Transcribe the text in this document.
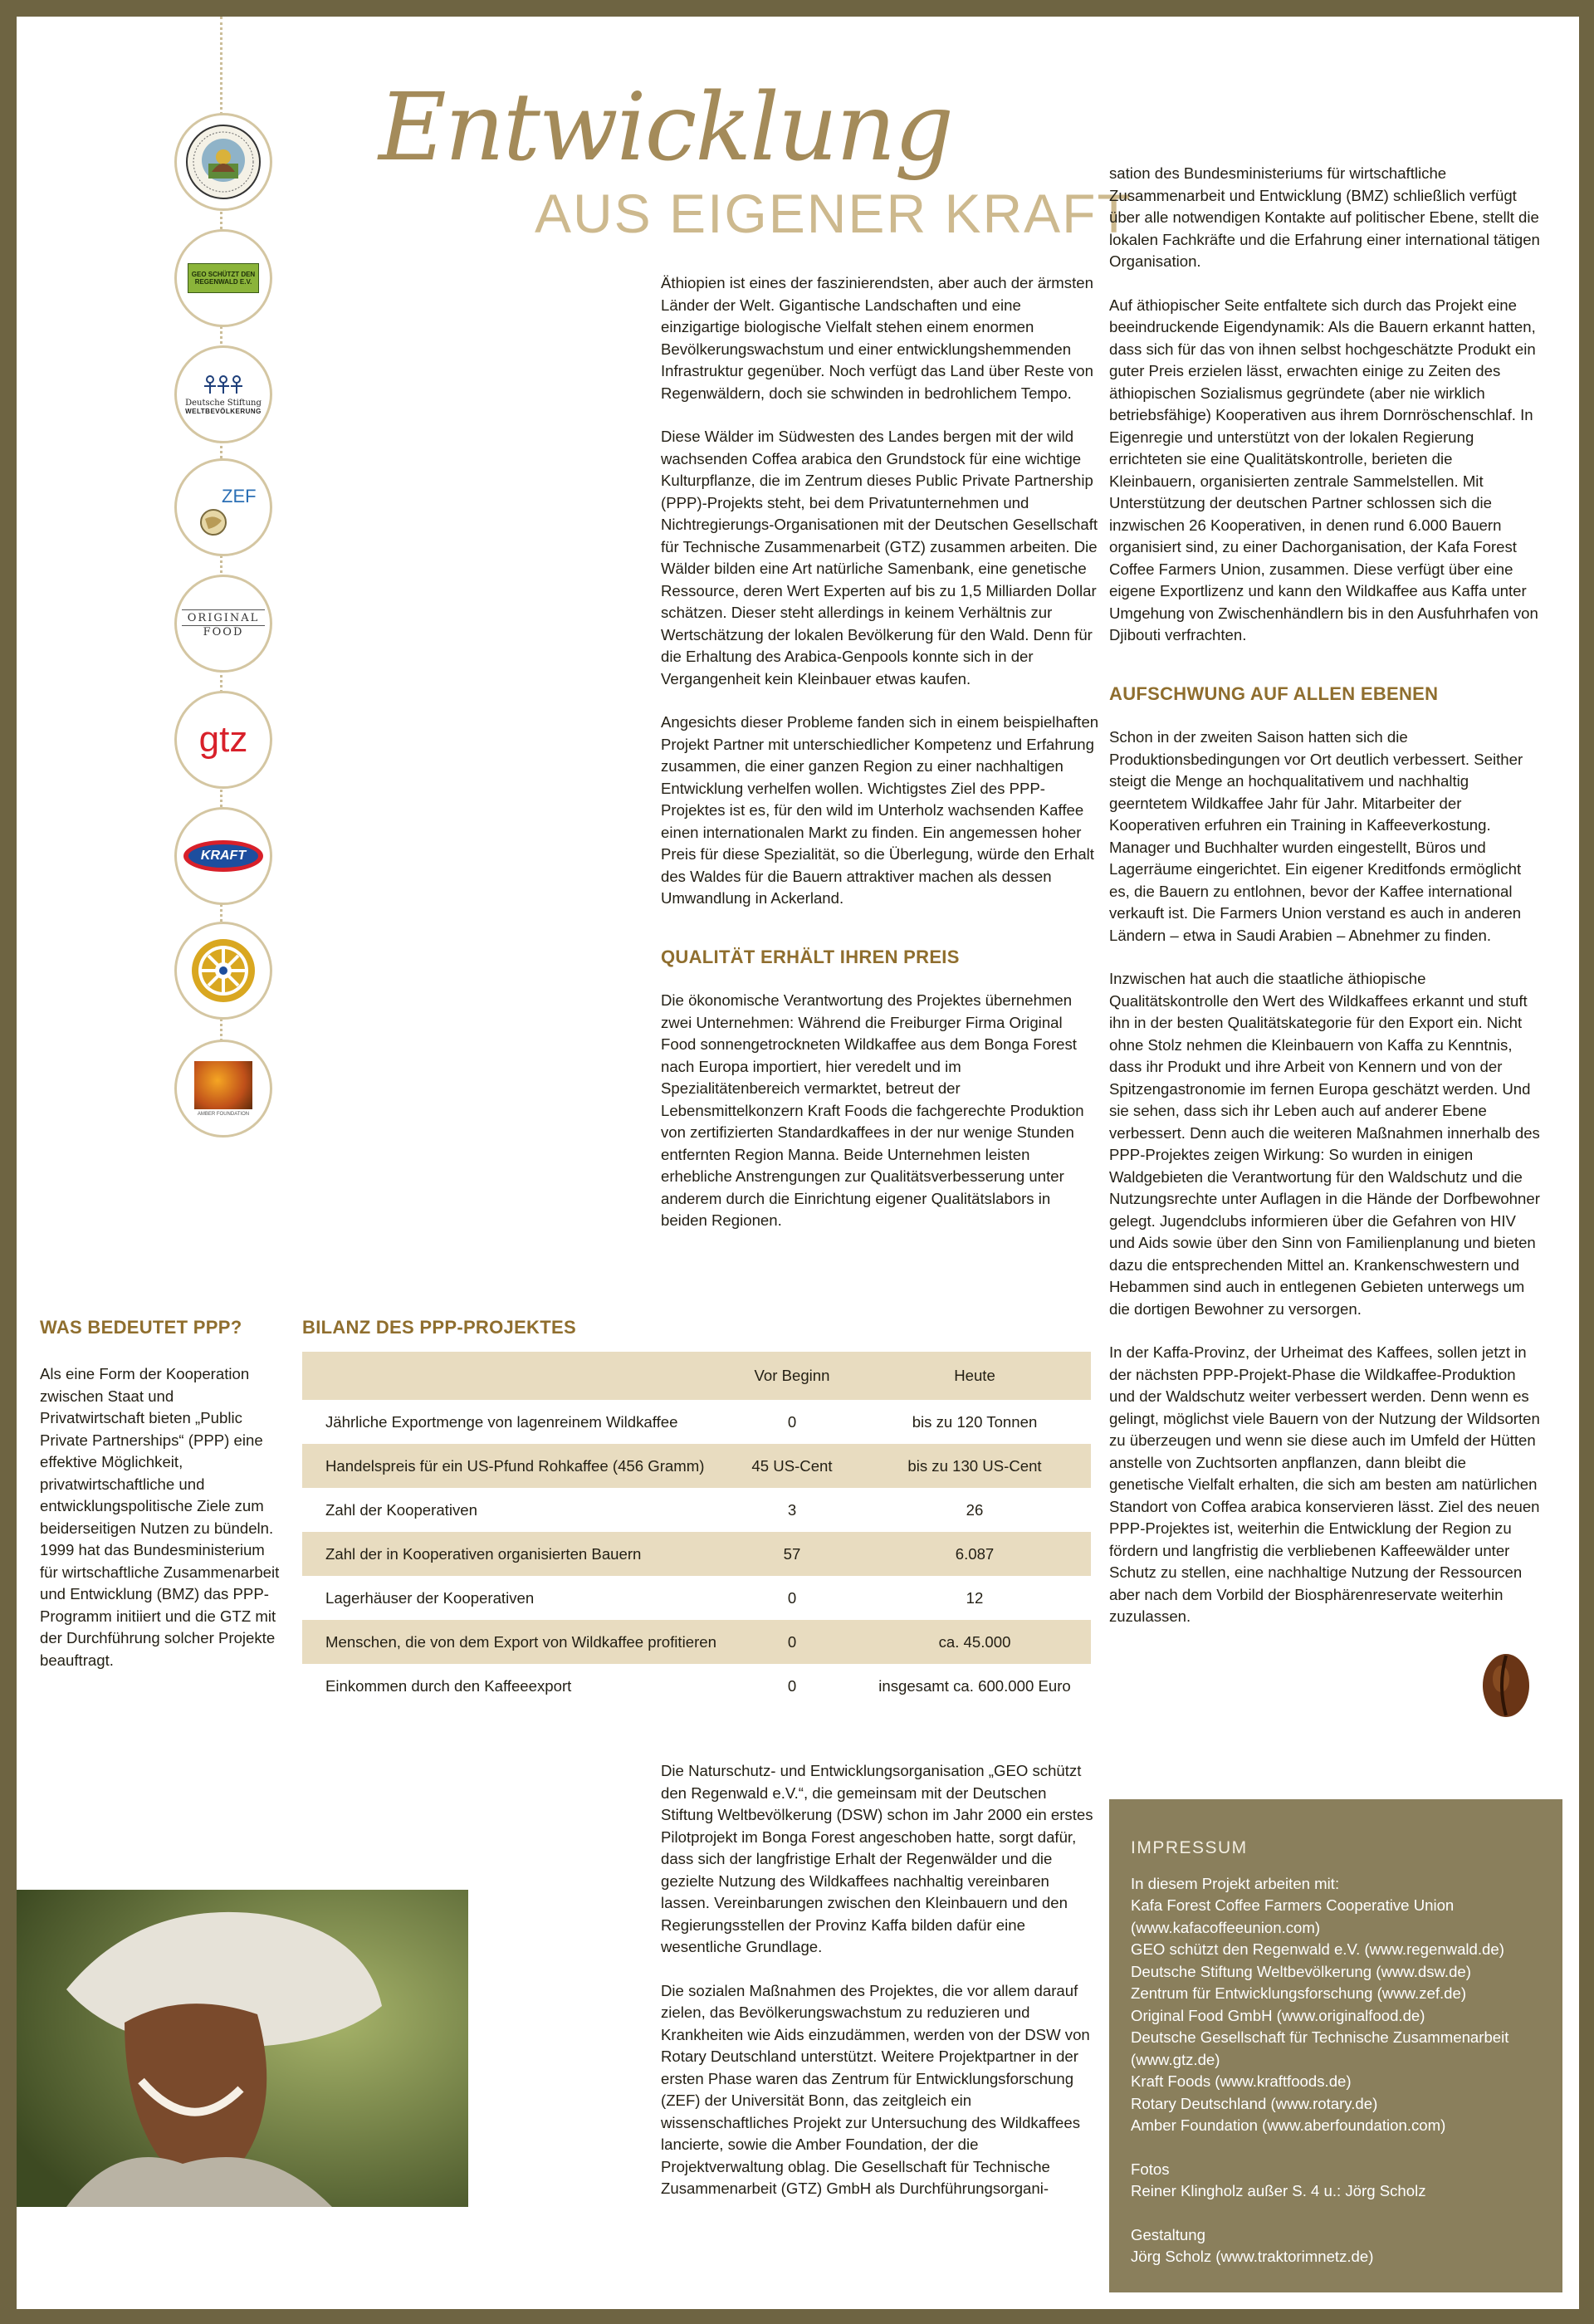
GEO SCHÜTZT DEN REGENWALD E.V.
Deutsche Stiftung
WELTBEVÖLKERUNG
ZEF
ORIGINAL
FOOD
gtz
KRAFT
AMBER FOUNDATION
Entwicklung
AUS EIGENER KRAFT

Äthiopien ist eines der faszinierendsten, aber auch der ärmsten Länder der Welt. Gigantische Landschaften und eine einzigartige biologische Vielfalt stehen einem enormen Bevölkerungswachstum und einer entwicklungshemmenden Infrastruktur gegenüber. Noch verfügt das Land über Reste von Regenwäldern, doch sie schwinden in bedrohlichem Tempo.

Diese Wälder im Südwesten des Landes bergen mit der wild wachsenden Coffea arabica den Grundstock für eine wichtige Kulturpflanze, die im Zentrum dieses Public Private Partnership (PPP)-Projekts steht, bei dem Privatunternehmen und Nichtregierungs-Organisationen mit der Deutschen Gesellschaft für Technische Zusammenarbeit (GTZ) zusammen arbeiten. Die Wälder bilden eine Art natürliche Samenbank, eine genetische Ressource, deren Wert Experten auf bis zu 1,5 Milliarden Dollar schätzen. Dieser steht allerdings in keinem Verhältnis zur Wertschätzung der lokalen Bevölkerung für den Wald. Denn für die Erhaltung des Arabica-Genpools konnte sich in der Vergangenheit kein Kleinbauer etwas kaufen.

Angesichts dieser Probleme fanden sich in einem beispielhaften Projekt Partner mit unterschiedlicher Kompetenz und Erfahrung zusammen, die einer ganzen Region zu einer nachhaltigen Entwicklung verhelfen wollen. Wichtigstes Ziel des PPP-Projektes ist es, für den wild im Unterholz wachsenden Kaffee einen internationalen Markt zu finden. Ein angemessen hoher Preis für diese Spezialität, so die Überlegung, würde den Erhalt des Waldes für die Bauern attraktiver machen als dessen Umwandlung in Ackerland.

QUALITÄT ERHÄLT IHREN PREIS

Die ökonomische Verantwortung des Projektes übernehmen zwei Unternehmen: Während die Freiburger Firma Original Food sonnengetrockneten Wildkaffee aus dem Bonga Forest nach Europa importiert, hier veredelt und im Spezialitätenbereich vermarktet, betreut der Lebensmittelkonzern Kraft Foods die fachgerechte Produktion von zertifizierten Standardkaffees in der nur wenige Stunden entfernten Region Manna. Beide Unternehmen leisten erhebliche Anstrengungen zur Qualitätsverbesserung unter anderem durch die Einrichtung eigener Qualitätslabors in beiden Regionen.

sation des Bundesministeriums für wirtschaftliche Zusammenarbeit und Entwicklung (BMZ) schließlich verfügt über alle notwendigen Kontakte auf politischer Ebene, stellt die lokalen Fachkräfte und die Erfahrung einer international tätigen Organisation.

Auf äthiopischer Seite entfaltete sich durch das Projekt eine beeindruckende Eigendynamik: Als die Bauern erkannt hatten, dass sich für das von ihnen selbst hochgeschätzte Produkt ein guter Preis erzielen lässt, erwachten einige zu Zeiten des äthiopischen Sozialismus gegründete (aber nie wirklich betriebsfähige) Kooperativen aus ihrem Dornröschenschlaf. In Eigenregie und unterstützt von der lokalen Regierung errichteten sie eine Qualitätskontrolle, berieten die Kleinbauern, organisierten zentrale Sammelstellen. Mit Unterstützung der deutschen Partner schlossen sich die inzwischen 26 Kooperativen, in denen rund 6.000 Bauern organisiert sind, zu einer Dachorganisation, der Kafa Forest Coffee Farmers Union, zusammen. Diese verfügt über eine eigene Exportlizenz und kann den Wildkaffee aus Kaffa unter Umgehung von Zwischenhändlern bis in den Ausfuhrhafen von Djibouti verfrachten.

AUFSCHWUNG AUF ALLEN EBENEN

Schon in der zweiten Saison hatten sich die Produktionsbedingungen vor Ort deutlich verbessert. Seither steigt die Menge an hochqualitativem und nachhaltig geerntetem Wildkaffee Jahr für Jahr. Mitarbeiter der Kooperativen erfuhren ein Training in Kaffeeverkostung. Manager und Buchhalter wurden eingestellt, Büros und Lagerräume eingerichtet. Ein eigener Kreditfonds ermöglicht es, die Bauern zu entlohnen, bevor der Kaffee international verkauft ist. Die Farmers Union verstand es auch in anderen Ländern – etwa in Saudi Arabien – Abnehmer zu finden.

Inzwischen hat auch die staatliche äthiopische Qualitätskontrolle den Wert des Wildkaffees erkannt und stuft ihn in der besten Qualitätskategorie für den Export ein. Nicht ohne Stolz nehmen die Kleinbauern von Kaffa zu Kenntnis, dass ihr Produkt und ihre Arbeit von Kennern und von der Spitzengastronomie im fernen Europa geschätzt werden. Und sie sehen, dass sich ihr Leben auch auf anderer Ebene verbessert. Denn auch die weiteren Maßnahmen innerhalb des PPP-Projektes zeigen Wirkung: So wurden in einigen Waldgebieten die Verantwortung für den Waldschutz und die Nutzungsrechte unter Auflagen in die Hände der Dorfbewohner gelegt. Jugendclubs informieren über die Gefahren von HIV und Aids sowie über den Sinn von Familienplanung und bieten dazu die entsprechenden Mittel an. Krankenschwestern und Hebammen sind auch in entlegenen Gebieten unterwegs um die dortigen Bewohner zu versorgen.

In der Kaffa-Provinz, der Urheimat des Kaffees, sollen jetzt in der nächsten PPP-Projekt-Phase die Wildkaffee-Produktion und der Waldschutz weiter verbessert werden. Denn wenn es gelingt, möglichst viele Bauern von der Nutzung der Wildsorten zu überzeugen und wenn sie diese auch im Umfeld der Hütten anstelle von Zuchtsorten anpflanzen, dann bleibt die genetische Vielfalt erhalten, die sich am besten am natürlichen Standort von Coffea arabica konservieren lässt. Ziel des neuen PPP-Projektes ist, weiterhin die Entwicklung der Region zu fördern und langfristig die verbliebenen Kaffeewälder unter Schutz zu stellen, eine nachhaltige Nutzung der Ressourcen aber nach dem Vorbild der Biosphärenreservate weiterhin zuzulassen.

WAS BEDEUTET PPP?

Als eine Form der Kooperation zwischen Staat und Privatwirtschaft bieten „Public Private Partnerships“ (PPP) eine effektive Möglichkeit, privatwirtschaftliche und entwicklungspolitische Ziele zum beiderseitigen Nutzen zu bündeln. 1999 hat das Bundesministerium für wirtschaftliche Zusammenarbeit und Entwicklung (BMZ) das PPP-Programm initiiert und die GTZ mit der Durchführung solcher Projekte beauftragt.

BILANZ DES PPP-PROJEKTES

	Vor Beginn	Heute
Jährliche Exportmenge von lagenreinem Wildkaffee	0	bis zu 120 Tonnen
Handelspreis für ein US-Pfund Rohkaffee (456 Gramm)	45 US-Cent	bis zu 130 US-Cent
Zahl der Kooperativen	3	26
Zahl der in Kooperativen organisierten Bauern	57	6.087
Lagerhäuser der Kooperativen	0	12
Menschen, die von dem Export von Wildkaffee profitieren	0	ca. 45.000
Einkommen durch den Kaffeeexport	0	insgesamt ca. 600.000 Euro

Die Naturschutz- und Entwicklungsorganisation „GEO schützt den Regenwald e.V.“, die gemeinsam mit der Deutschen Stiftung Weltbevölkerung (DSW) schon im Jahr 2000 ein erstes Pilotprojekt im Bonga Forest angeschoben hatte, sorgt dafür, dass sich der langfristige Erhalt der Regenwälder und die gezielte Nutzung des Wildkaffees nachhaltig vereinbaren lassen. Vereinbarungen zwischen den Kleinbauern und den Regierungsstellen der Provinz Kaffa bilden dafür eine wesentliche Grundlage.

Die sozialen Maßnahmen des Projektes, die vor allem darauf zielen, das Bevölkerungswachstum zu reduzieren und Krankheiten wie Aids einzudämmen, werden von der DSW von Rotary Deutschland unterstützt. Weitere Projektpartner in der ersten Phase waren das Zentrum für Entwicklungsforschung (ZEF) der Universität Bonn, das zeitgleich ein wissenschaftliches Projekt zur Untersuchung des Wildkaffees lancierte, sowie die Amber Foundation, der die Projektverwaltung oblag. Die Gesellschaft für Technische Zusammenarbeit (GTZ) GmbH als Durchführungsorgani-

IMPRESSUM
In diesem Projekt arbeiten mit:
Kafa Forest Coffee Farmers Cooperative Union
(www.kafacoffeeunion.com)
GEO schützt den Regenwald e.V. (www.regenwald.de)
Deutsche Stiftung Weltbevölkerung (www.dsw.de)
Zentrum für Entwicklungsforschung (www.zef.de)
Original Food GmbH (www.originalfood.de)
Deutsche Gesellschaft für Technische Zusammenarbeit
(www.gtz.de)
Kraft Foods (www.kraftfoods.de)
Rotary Deutschland (www.rotary.de)
Amber Foundation (www.aberfoundation.com)
Fotos
Reiner Klingholz außer S. 4 u.: Jörg Scholz
Gestaltung
Jörg Scholz (www.traktorimnetz.de)
